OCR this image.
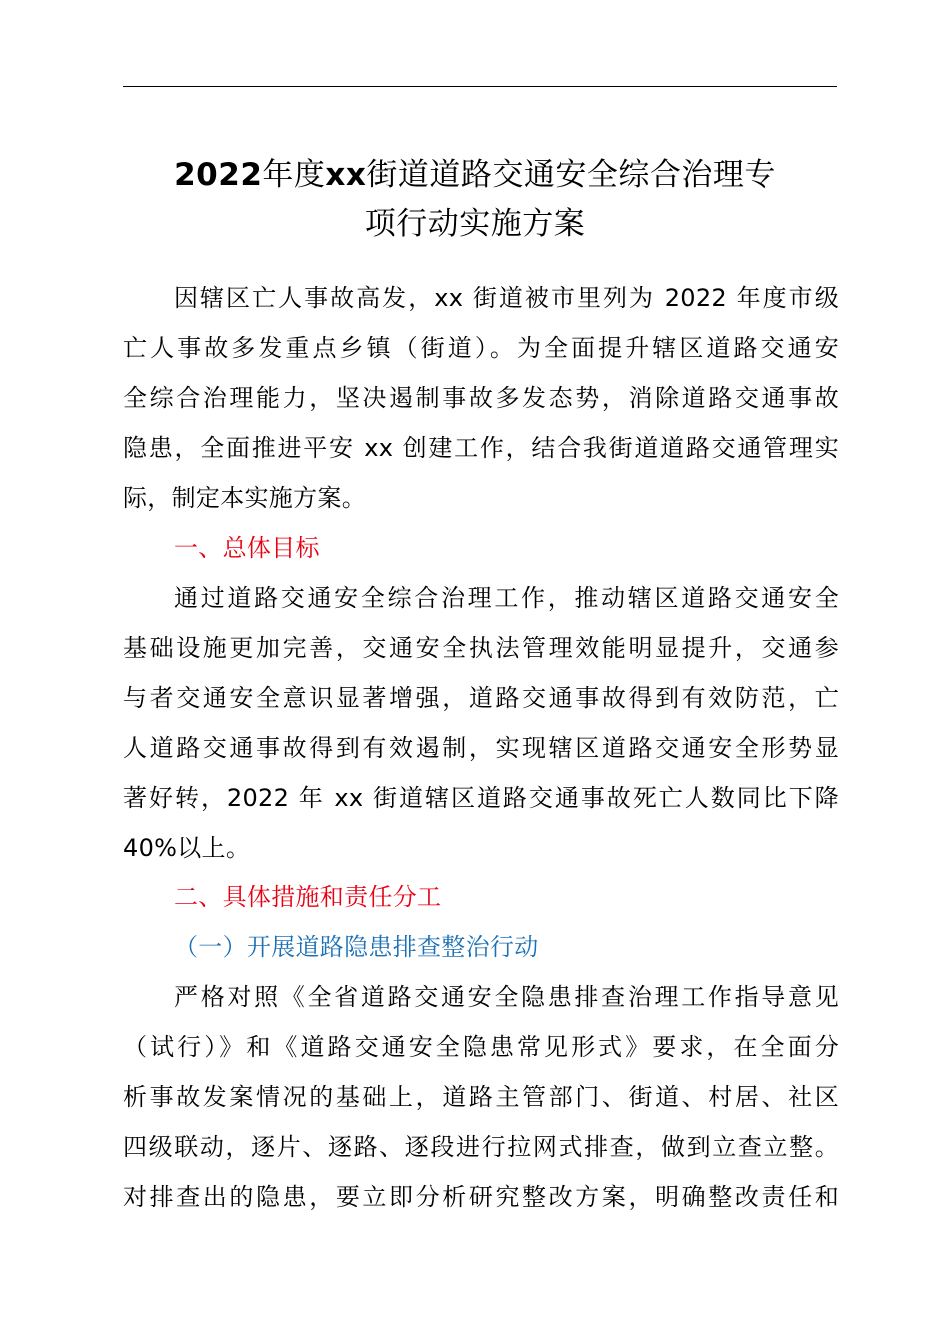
2022年度xx街道道路交通安全综合治理专
项行动实施方案
因辖区亡人事故高发，xx 街道被市里列为 2022 年度市级
亡人事故多发重点乡镇（街道）。为全面提升辖区道路交通安
全综合治理能力，坚决遏制事故多发态势，消除道路交通事故
隐患，全面推进平安 xx 创建工作，结合我街道道路交通管理实
际，制定本实施方案。
一、总体目标
通过道路交通安全综合治理工作，推动辖区道路交通安全
基础设施更加完善，交通安全执法管理效能明显提升，交通参
与者交通安全意识显著增强，道路交通事故得到有效防范，亡
人道路交通事故得到有效遏制，实现辖区道路交通安全形势显
著好转，2022 年 xx 街道辖区道路交通事故死亡人数同比下降
40%以上。
二、具体措施和责任分工
（一）开展道路隐患排查整治行动
严格对照《全省道路交通安全隐患排查治理工作指导意见
（试行）》和《道路交通安全隐患常见形式》要求，在全面分
析事故发案情况的基础上，道路主管部门、街道、村居、社区
四级联动，逐片、逐路、逐段进行拉网式排查，做到立查立整。
对排查出的隐患，要立即分析研究整改方案，明确整改责任和
